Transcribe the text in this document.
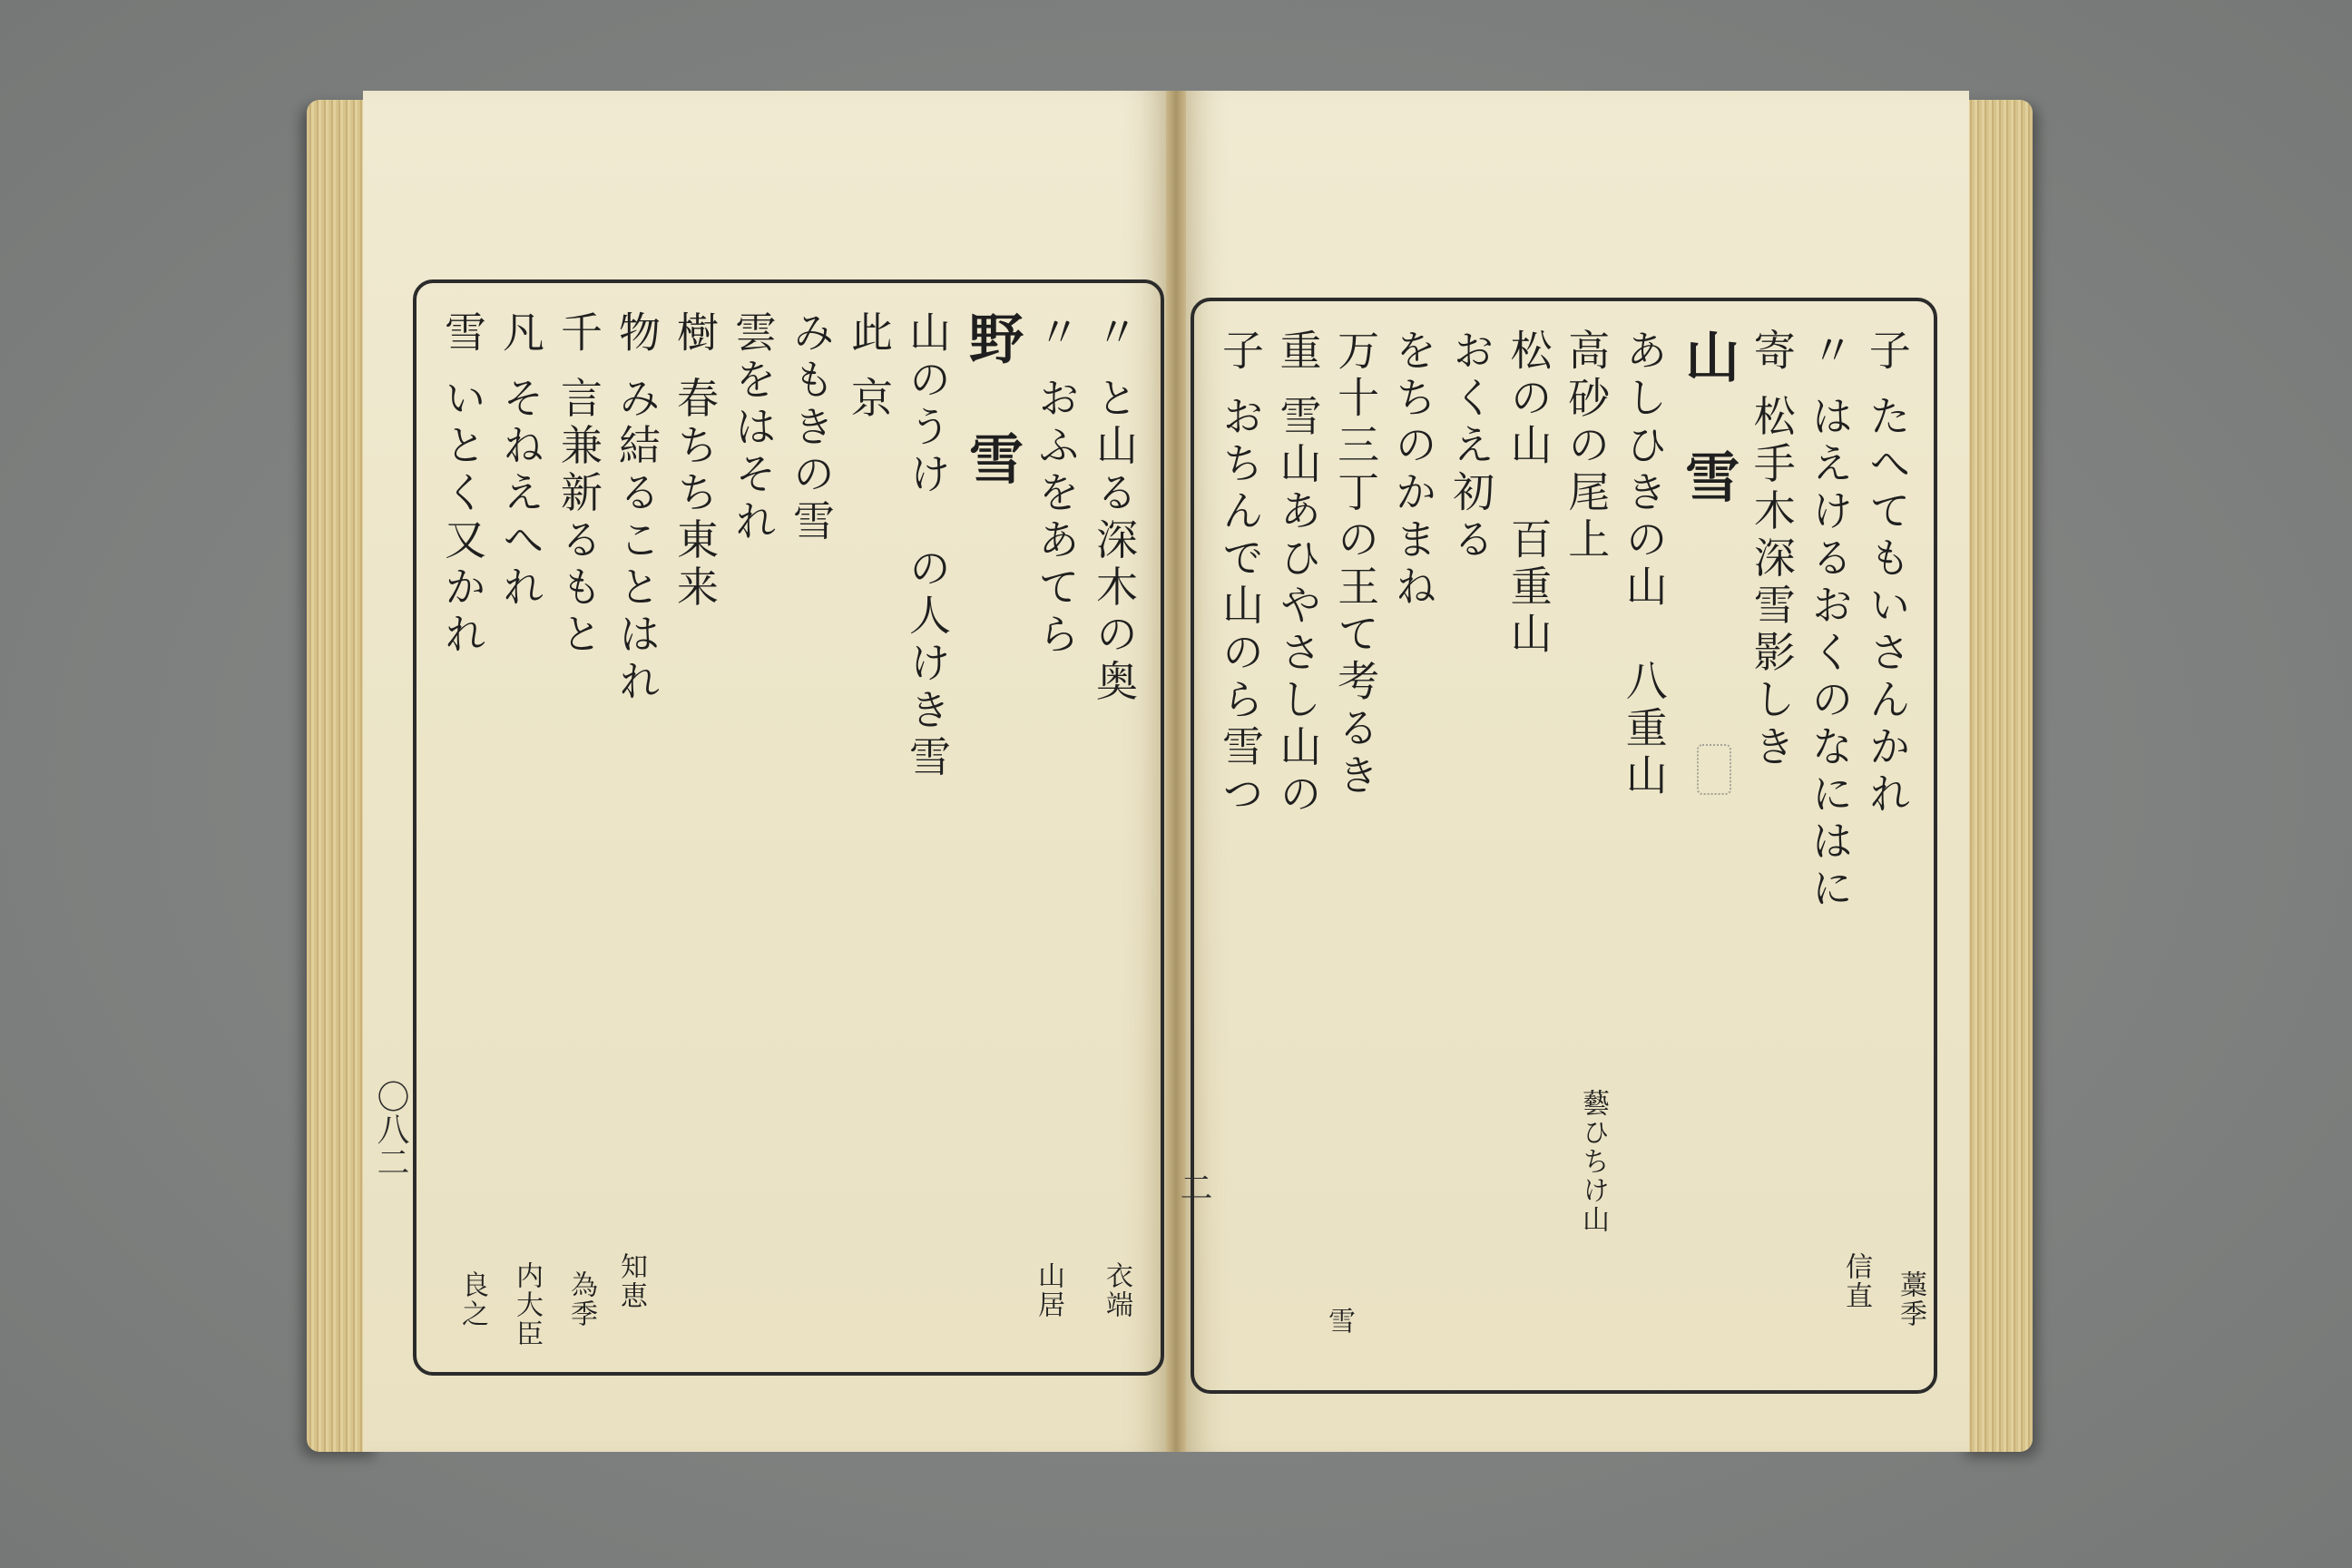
〇八二
二
子 たへてもいさんかれ
〃 はえけるおくのなにはに
寄 松手木深雪影しき
山 雪
あしひきの山　八重山
高砂の尾上
松の山　百重山
おくえ初る
をちのかまね
万十三丁の王て考るき
重 雪山あひやさし山の
子 おちんで山のら雪つ
〃 と山る深木の奥
〃 おふをあてら
野 雪
山のうけ　の人けき雪
此 京
みもきの雪
雲をはそれ
樹 春ちち東来
物 み結ることはれ
千 言兼新るもと
凡 そねえへれ
雪 いとく又かれ
信直 藁季
藝ひちけ山
雪
衣端
山居
知恵
為季
内大臣
良之
